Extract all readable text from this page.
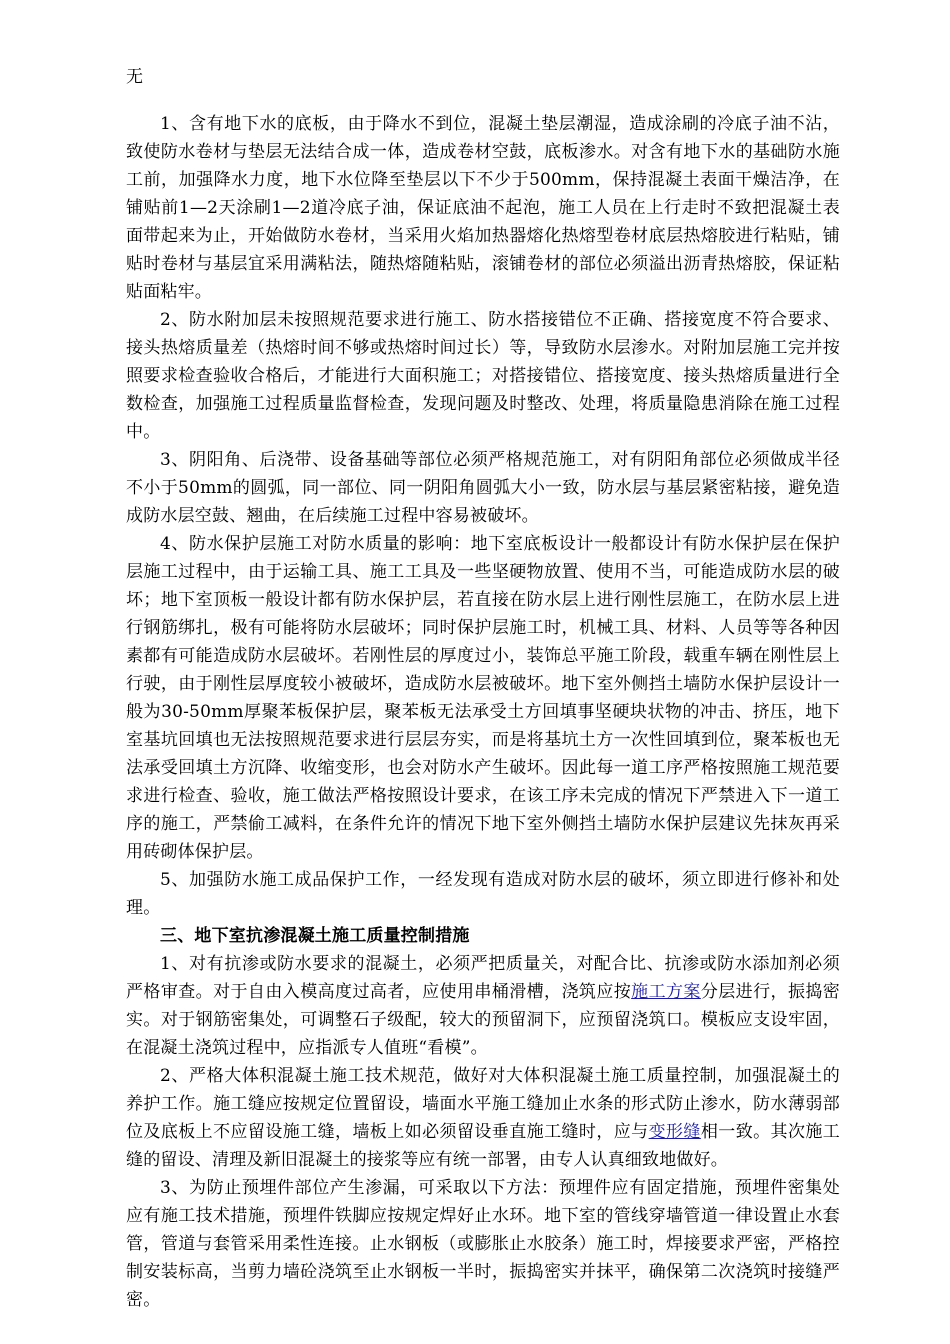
无

1、含有地下水的底板，由于降水不到位，混凝土垫层潮湿，造成涂刷的冷底子油不沾，致使防水卷材与垫层无法结合成一体，造成卷材空鼓，底板渗水。对含有地下水的基础防水施工前，加强降水力度，地下水位降至垫层以下不少于500mm，保持混凝土表面干燥洁净，在铺贴前1—2天涂刷1—2道冷底子油，保证底油不起泡，施工人员在上行走时不致把混凝土表面带起来为止，开始做防水卷材，当采用火焰加热器熔化热熔型卷材底层热熔胶进行粘贴，铺贴时卷材与基层宜采用满粘法，随热熔随粘贴，滚铺卷材的部位必须溢出沥青热熔胶，保证粘贴面粘牢。

2、防水附加层未按照规范要求进行施工、防水搭接错位不正确、搭接宽度不符合要求、接头热熔质量差（热熔时间不够或热熔时间过长）等，导致防水层渗水。对附加层施工完并按照要求检查验收合格后，才能进行大面积施工；对搭接错位、搭接宽度、接头热熔质量进行全数检查，加强施工过程质量监督检查，发现问题及时整改、处理，将质量隐患消除在施工过程中。

3、阴阳角、后浇带、设备基础等部位必须严格规范施工，对有阴阳角部位必须做成半径不小于50mm的圆弧，同一部位、同一阴阳角圆弧大小一致，防水层与基层紧密粘接，避免造成防水层空鼓、翘曲，在后续施工过程中容易被破坏。

4、防水保护层施工对防水质量的影响：地下室底板设计一般都设计有防水保护层在保护层施工过程中，由于运输工具、施工工具及一些坚硬物放置、使用不当，可能造成防水层的破坏；地下室顶板一般设计都有防水保护层，若直接在防水层上进行刚性层施工，在防水层上进行钢筋绑扎，极有可能将防水层破坏；同时保护层施工时，机械工具、材料、人员等等各种因素都有可能造成防水层破坏。若刚性层的厚度过小，装饰总平施工阶段，载重车辆在刚性层上行驶，由于刚性层厚度较小被破坏，造成防水层被破坏。地下室外侧挡土墙防水保护层设计一般为30-50mm厚聚苯板保护层，聚苯板无法承受土方回填事坚硬块状物的冲击、挤压，地下室基坑回填也无法按照规范要求进行层层夯实，而是将基坑土方一次性回填到位，聚苯板也无法承受回填土方沉降、收缩变形，也会对防水产生破坏。因此每一道工序严格按照施工规范要求进行检查、验收，施工做法严格按照设计要求，在该工序未完成的情况下严禁进入下一道工序的施工，严禁偷工减料，在条件允许的情况下地下室外侧挡土墙防水保护层建议先抹灰再采用砖砌体保护层。

5、加强防水施工成品保护工作，一经发现有造成对防水层的破坏，须立即进行修补和处理。

三、地下室抗渗混凝土施工质量控制措施

1、对有抗渗或防水要求的混凝土，必须严把质量关，对配合比、抗渗或防水添加剂必须严格审查。对于自由入模高度过高者，应使用串桶滑槽，浇筑应按施工方案分层进行，振捣密实。对于钢筋密集处，可调整石子级配，较大的预留洞下，应预留浇筑口。模板应支设牢固，在混凝土浇筑过程中，应指派专人值班“看模”。

2、严格大体积混凝土施工技术规范，做好对大体积混凝土施工质量控制，加强混凝土的养护工作。施工缝应按规定位置留设，墙面水平施工缝加止水条的形式防止渗水，防水薄弱部位及底板上不应留设施工缝，墙板上如必须留设垂直施工缝时，应与变形缝相一致。其次施工缝的留设、清理及新旧混凝土的接浆等应有统一部署，由专人认真细致地做好。

3、为防止预埋件部位产生渗漏，可采取以下方法：预埋件应有固定措施，预埋件密集处应有施工技术措施，预埋件铁脚应按规定焊好止水环。地下室的管线穿墙管道一律设置止水套管，管道与套管采用柔性连接。止水钢板（或膨胀止水胶条）施工时，焊接要求严密，严格控制安装标高，当剪力墙砼浇筑至止水钢板一半时，振捣密实并抹平，确保第二次浇筑时接缝严密。
